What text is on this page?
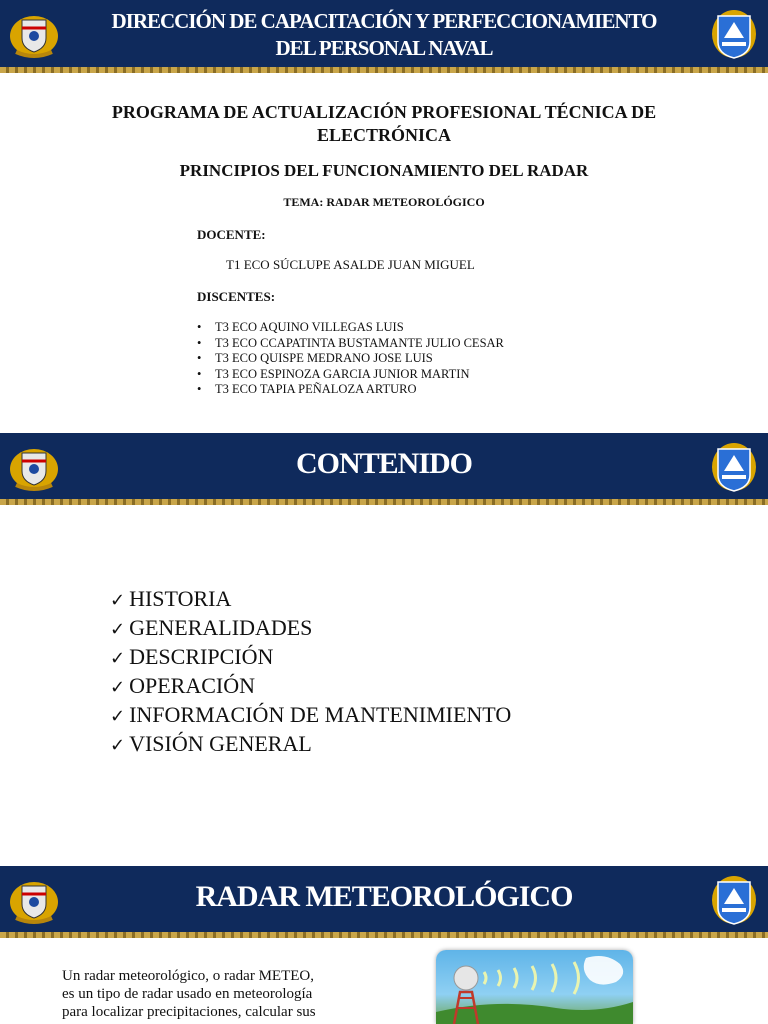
DIRECCIÓN DE CAPACITACIÓN Y PERFECCIONAMIENTO
DEL PERSONAL NAVAL
PROGRAMA DE ACTUALIZACIÓN PROFESIONAL TÉCNICA DE
ELECTRÓNICA
PRINCIPIOS DEL FUNCIONAMIENTO DEL RADAR
TEMA: RADAR METEOROLÓGICO
DOCENTE:
T1 ECO SÚCLUPE ASALDE JUAN MIGUEL
DISCENTES:
• T3 ECO AQUINO VILLEGAS LUIS
• T3 ECO CCAPATINTA BUSTAMANTE JULIO CESAR
• T3 ECO QUISPE MEDRANO JOSE LUIS
• T3 ECO ESPINOZA GARCIA JUNIOR MARTIN
• T3 ECO TAPIA PEÑALOZA ARTURO
CONTENIDO
✓ HISTORIA
✓ GENERALIDADES
✓ DESCRIPCIÓN
✓ OPERACIÓN
✓ INFORMACIÓN DE MANTENIMIENTO
✓ VISIÓN GENERAL
RADAR METEOROLÓGICO
Un radar meteorológico, o radar METEO,
es un tipo de radar usado en meteorología
para localizar precipitaciones, calcular sus
